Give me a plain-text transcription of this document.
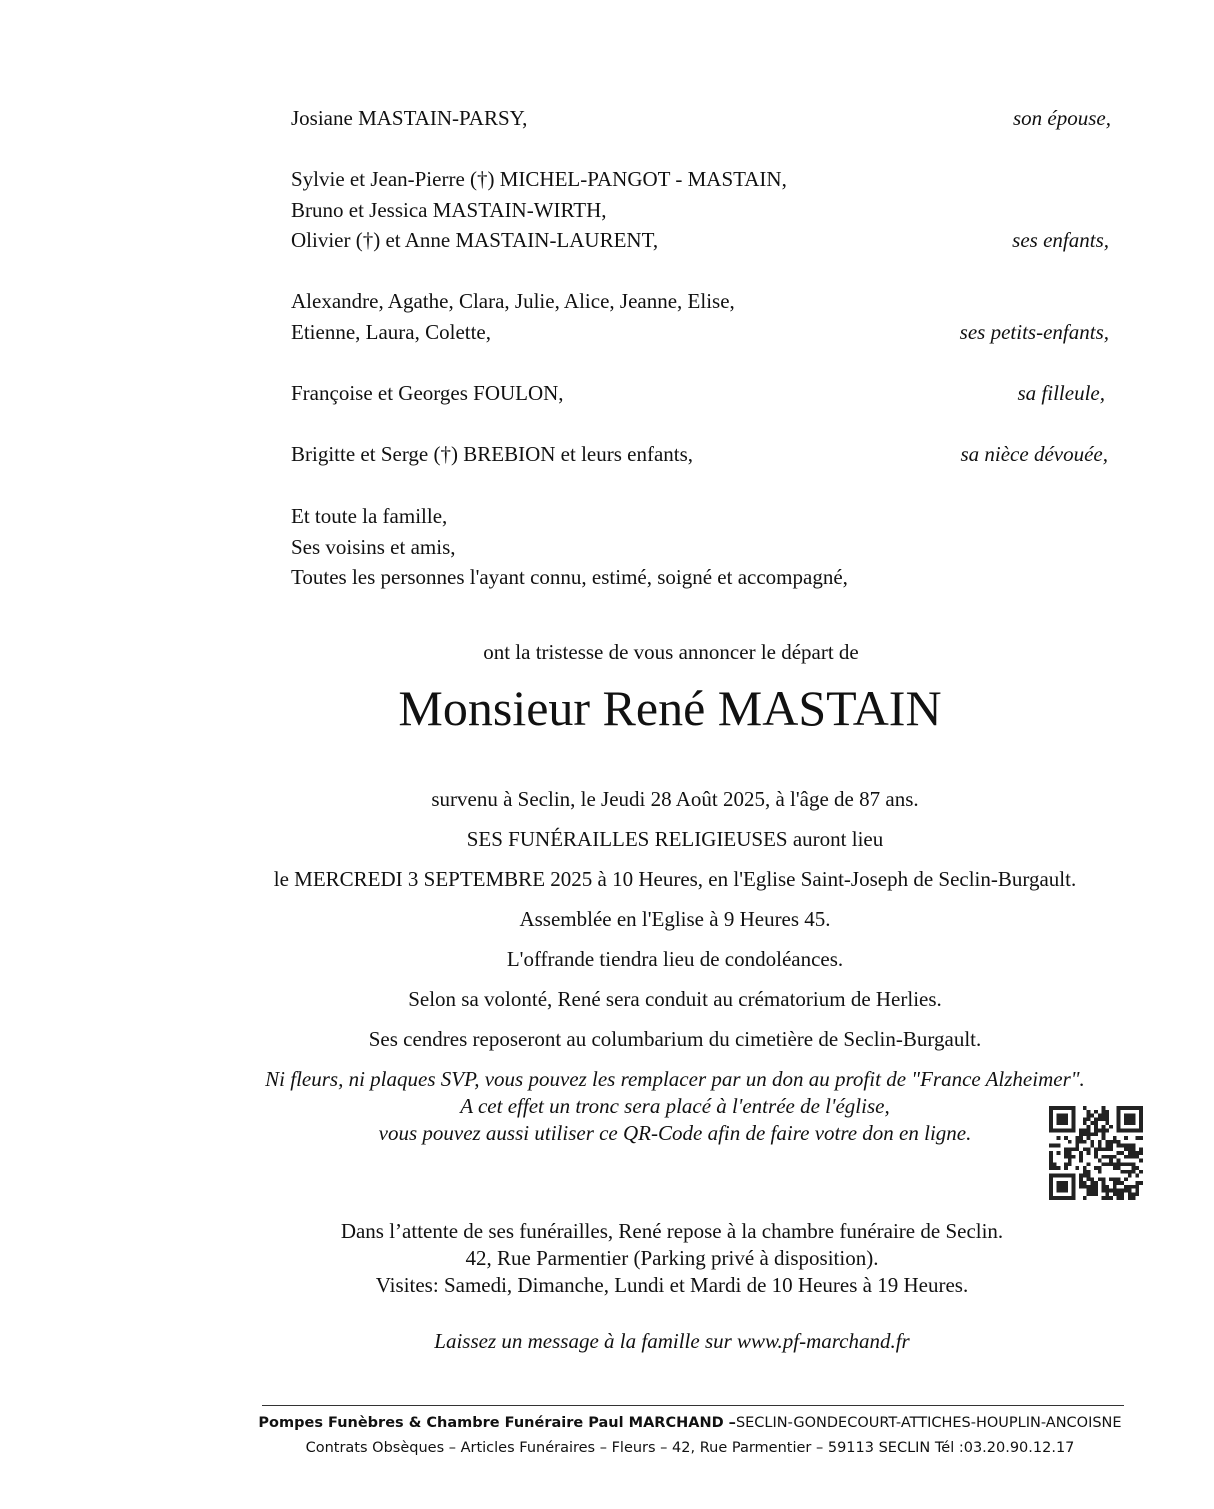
Josiane MASTAIN-PARSY,	son épouse,
Sylvie et Jean-Pierre (†) MICHEL-PANGOT - MASTAIN,
Bruno et Jessica MASTAIN-WIRTH,
Olivier (†) et Anne MASTAIN-LAURENT,	ses enfants,
Alexandre, Agathe, Clara, Julie, Alice, Jeanne, Elise,
Etienne, Laura, Colette,	ses petits-enfants,
Françoise et Georges FOULON,	sa filleule,
Brigitte et Serge (†) BREBION et leurs enfants,	sa nièce dévouée,
Et toute la famille,
Ses voisins et amis,
Toutes les personnes l'ayant connu, estimé, soigné et accompagné,
ont la tristesse de vous annoncer le départ de
Monsieur René MASTAIN
survenu à Seclin, le Jeudi 28 Août 2025, à l'âge de 87 ans.
SES FUNÉRAILLES RELIGIEUSES auront lieu
le MERCREDI 3 SEPTEMBRE 2025 à 10 Heures, en l'Eglise Saint-Joseph de Seclin-Burgault.
Assemblée en l'Eglise à 9 Heures 45.
L'offrande tiendra lieu de condoléances.
Selon sa volonté, René sera conduit au crématorium de Herlies.
Ses cendres reposeront au columbarium du cimetière de Seclin-Burgault.
Ni fleurs, ni plaques SVP, vous pouvez les remplacer par un don au profit de "France Alzheimer".
A cet effet un tronc sera placé à l'entrée de l'église,
vous pouvez aussi utiliser ce QR-Code afin de faire votre don en ligne.
Dans l’attente de ses funérailles, René repose à la chambre funéraire de Seclin.
42, Rue Parmentier (Parking privé à disposition).
Visites: Samedi, Dimanche, Lundi et Mardi de 10 Heures à 19 Heures.
Laissez un message à la famille sur www.pf-marchand.fr
Pompes Funèbres & Chambre Funéraire Paul MARCHAND –SECLIN-GONDECOURT-ATTICHES-HOUPLIN-ANCOISNE
Contrats Obsèques – Articles Funéraires – Fleurs – 42, Rue Parmentier – 59113 SECLIN Tél :03.20.90.12.17
